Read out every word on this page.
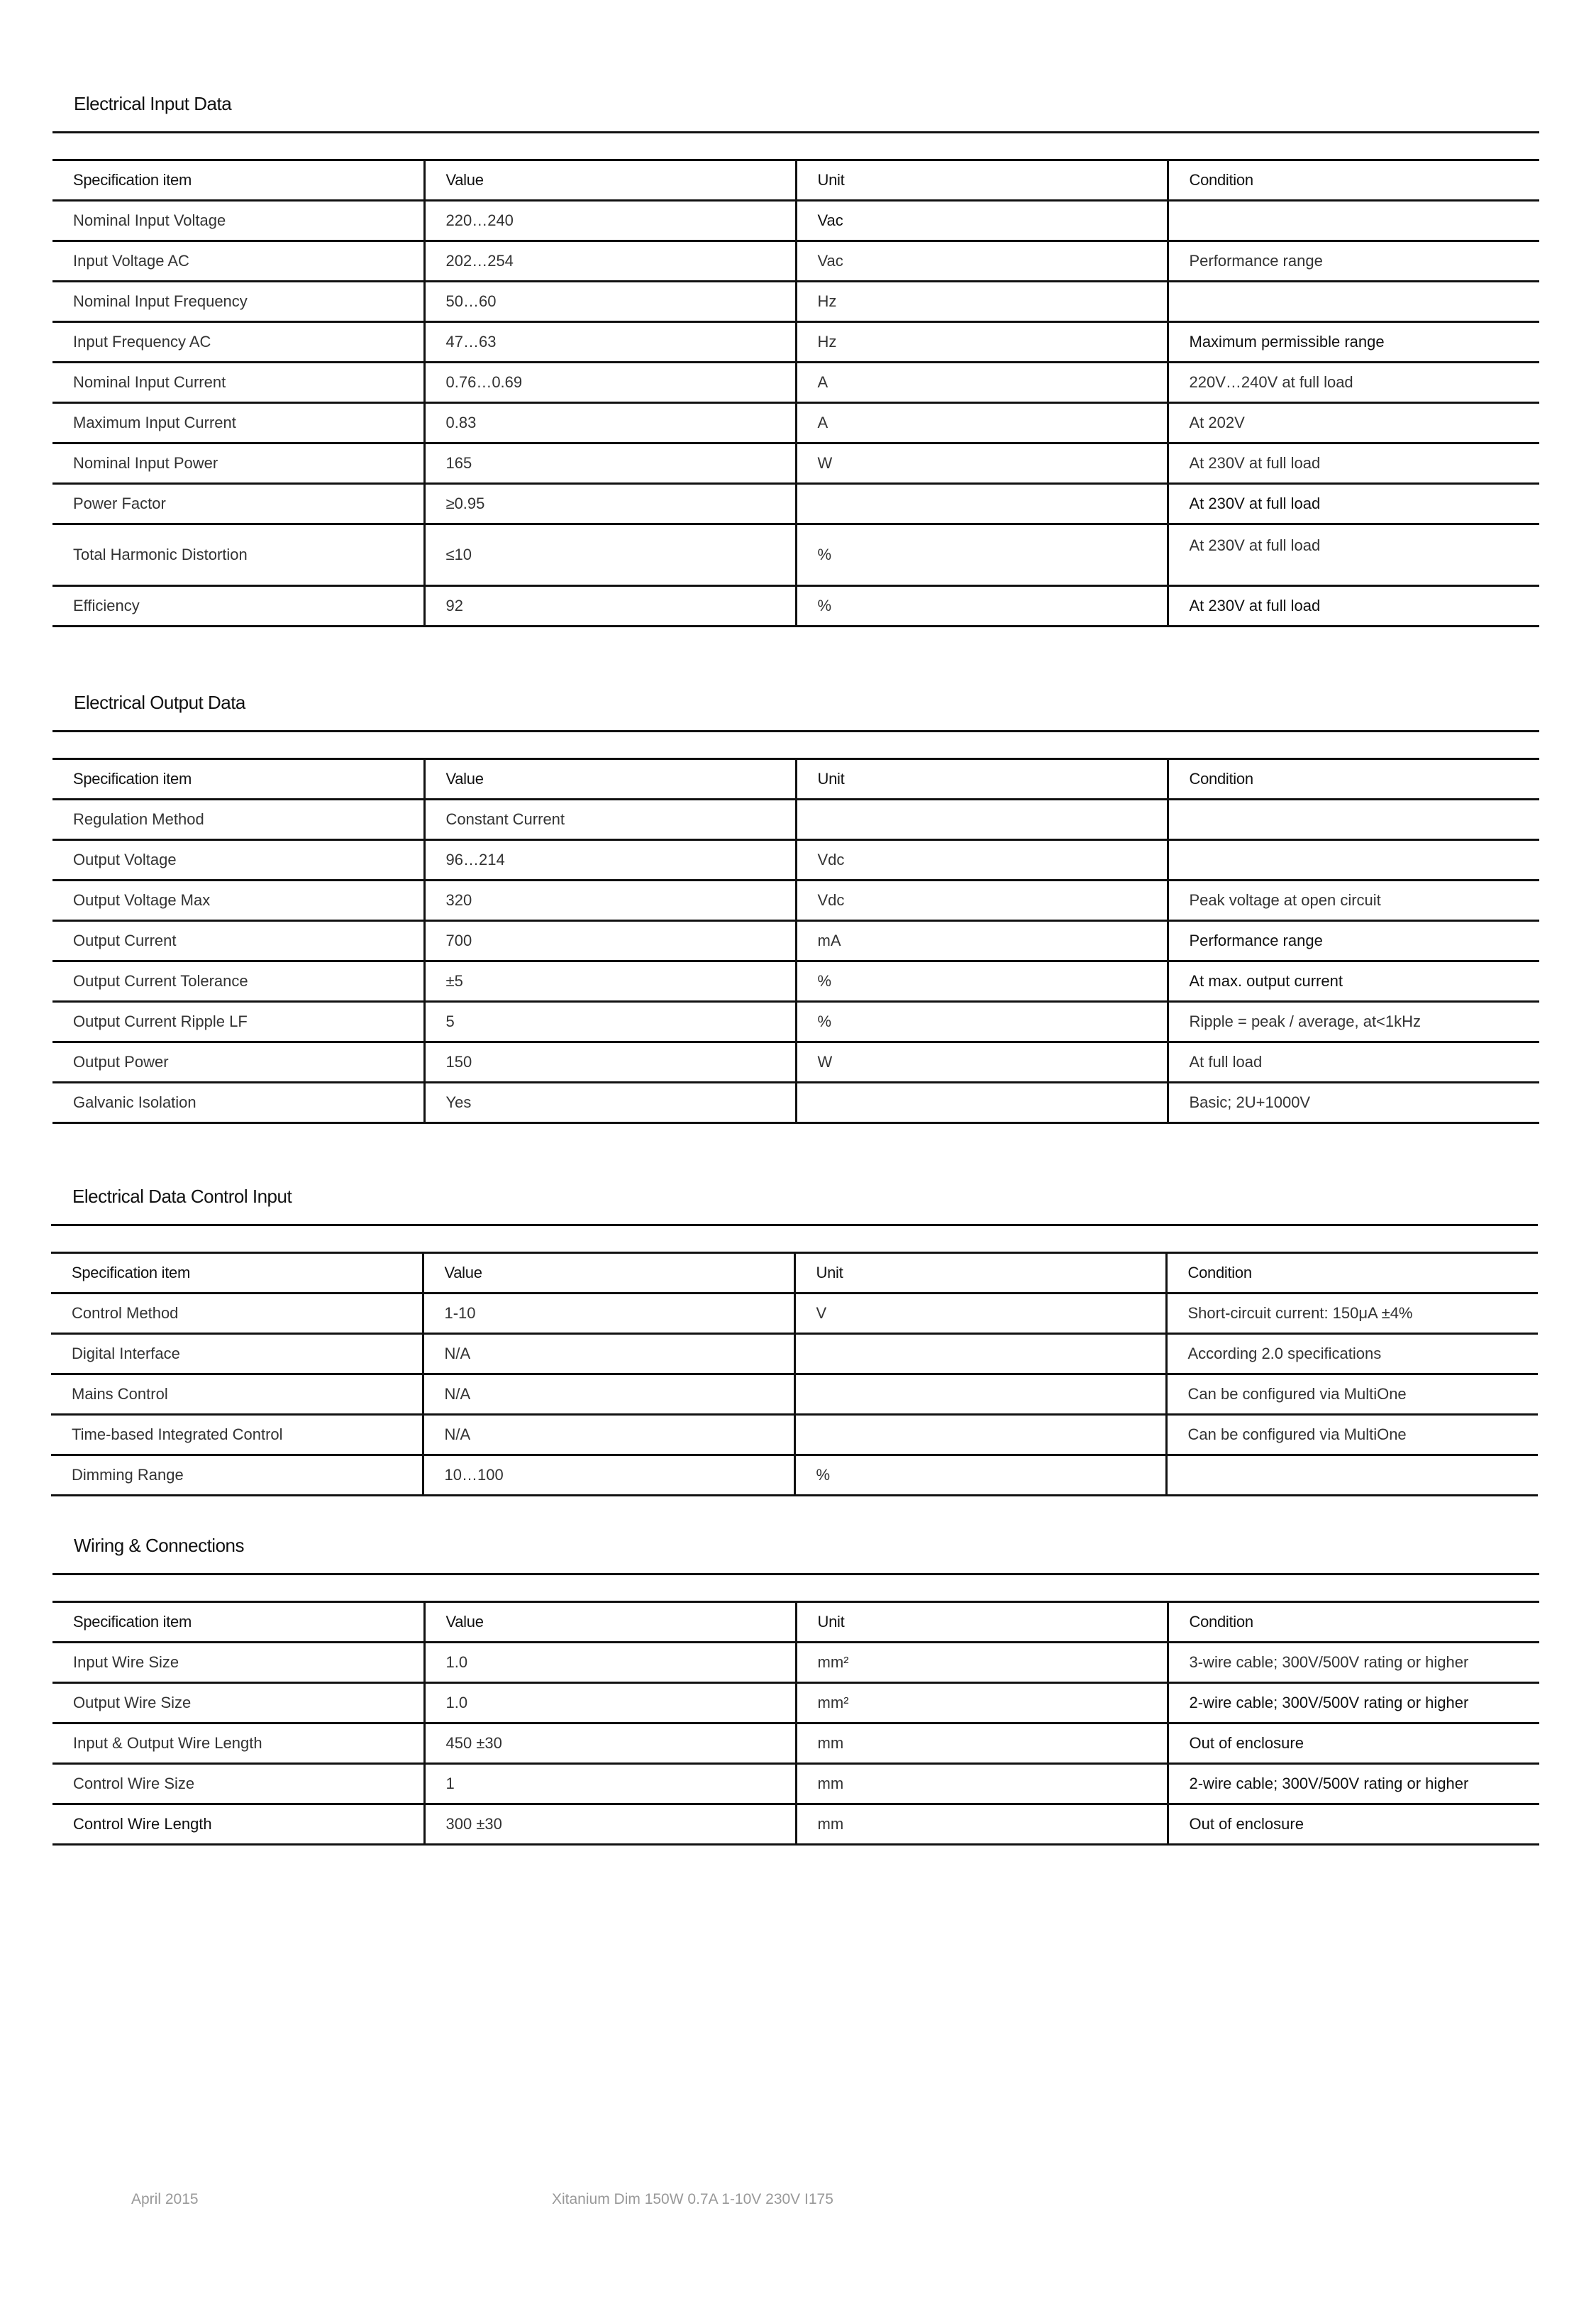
Electrical Input Data
Specification item	Value	Unit	Condition
Nominal Input Voltage	220…240	Vac	
Input Voltage AC	202…254	Vac	Performance range
Nominal Input Frequency	50…60	Hz	
Input Frequency AC	47…63	Hz	Maximum permissible range
Nominal Input Current	0.76…0.69	A	220V…240V at full load
Maximum Input Current	0.83	A	At 202V
Nominal Input Power	165	W	At 230V at full load
Power Factor	≥0.95		At 230V at full load
Total Harmonic Distortion	≤10	%	At 230V at full load
Efficiency	92	%	At 230V at full load
Electrical Output Data
Specification item	Value	Unit	Condition
Regulation Method	Constant Current		
Output Voltage	96…214	Vdc	
Output Voltage Max	320	Vdc	Peak voltage at open circuit
Output Current	700	mA	Performance range
Output Current Tolerance	±5	%	At max. output current
Output Current Ripple LF	5	%	Ripple = peak / average, at<1kHz
Output Power	150	W	At full load
Galvanic Isolation	Yes		Basic; 2U+1000V
Electrical Data Control Input
Specification item	Value	Unit	Condition
Control Method	1-10	V	Short-circuit current: 150μA ±4%
Digital Interface	N/A		According 2.0 specifications
Mains Control	N/A		Can be configured via MultiOne
Time-based Integrated Control	N/A		Can be configured via MultiOne
Dimming Range	10…100	%	
Wiring & Connections
Specification item	Value	Unit	Condition
Input Wire Size	1.0	mm²	3-wire cable; 300V/500V rating or higher
Output Wire Size	1.0	mm²	2-wire cable; 300V/500V rating or higher
Input & Output Wire Length	450 ±30	mm	Out of enclosure
Control Wire Size	1	mm	2-wire cable; 300V/500V rating or higher
Control Wire Length	300 ±30	mm	Out of enclosure
April 2015	Xitanium Dim 150W 0.7A 1-10V 230V I175
